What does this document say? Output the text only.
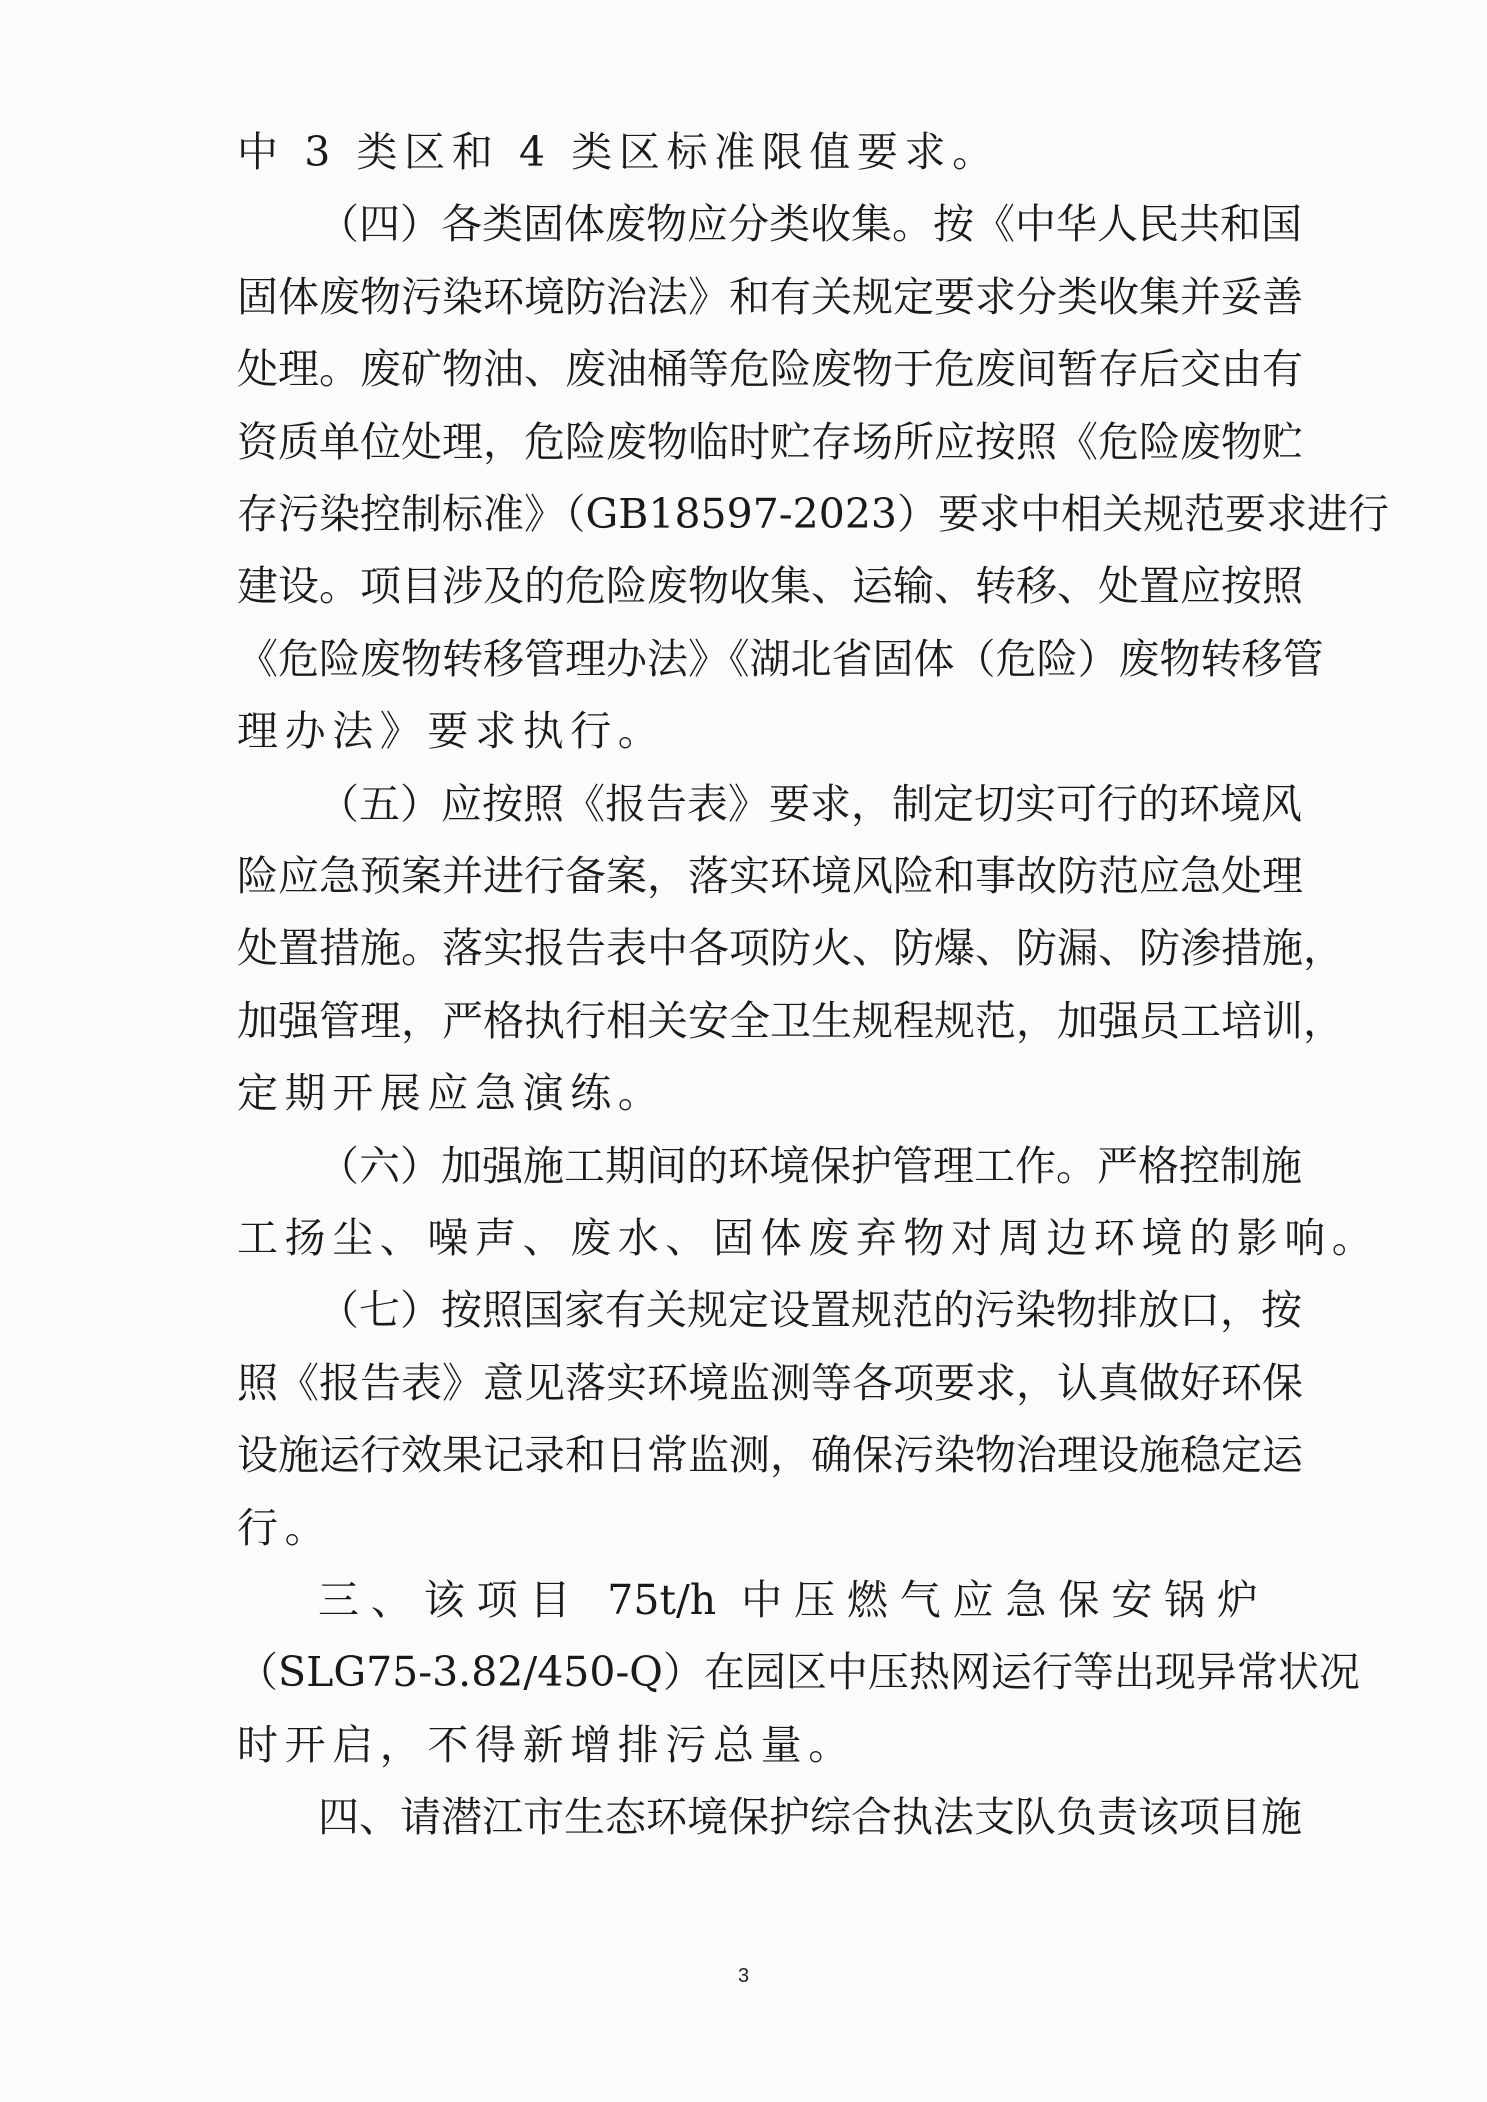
中 3 类区和 4 类区标准限值要求。
（四）各类固体废物应分类收集。按《中华人民共和国
固体废物污染环境防治法》和有关规定要求分类收集并妥善
处理。废矿物油、废油桶等危险废物于危废间暂存后交由有
资质单位处理，危险废物临时贮存场所应按照《危险废物贮
存污染控制标准》（GB18597-2023）要求中相关规范要求进行
建设。项目涉及的危险废物收集、运输、转移、处置应按照
《危险废物转移管理办法》《湖北省固体（危险）废物转移管
理办法》要求执行。
（五）应按照《报告表》要求，制定切实可行的环境风
险应急预案并进行备案，落实环境风险和事故防范应急处理
处置措施。落实报告表中各项防火、防爆、防漏、防渗措施，
加强管理，严格执行相关安全卫生规程规范，加强员工培训，
定期开展应急演练。
（六）加强施工期间的环境保护管理工作。严格控制施
工扬尘、噪声、废水、固体废弃物对周边环境的影响。
（七）按照国家有关规定设置规范的污染物排放口，按
照《报告表》意见落实环境监测等各项要求，认真做好环保
设施运行效果记录和日常监测，确保污染物治理设施稳定运
行。
三、该项目 75t/h 中压燃气应急保安锅炉
（SLG75-3.82/450-Q）在园区中压热网运行等出现异常状况
时开启，不得新增排污总量。
四、请潜江市生态环境保护综合执法支队负责该项目施
3
